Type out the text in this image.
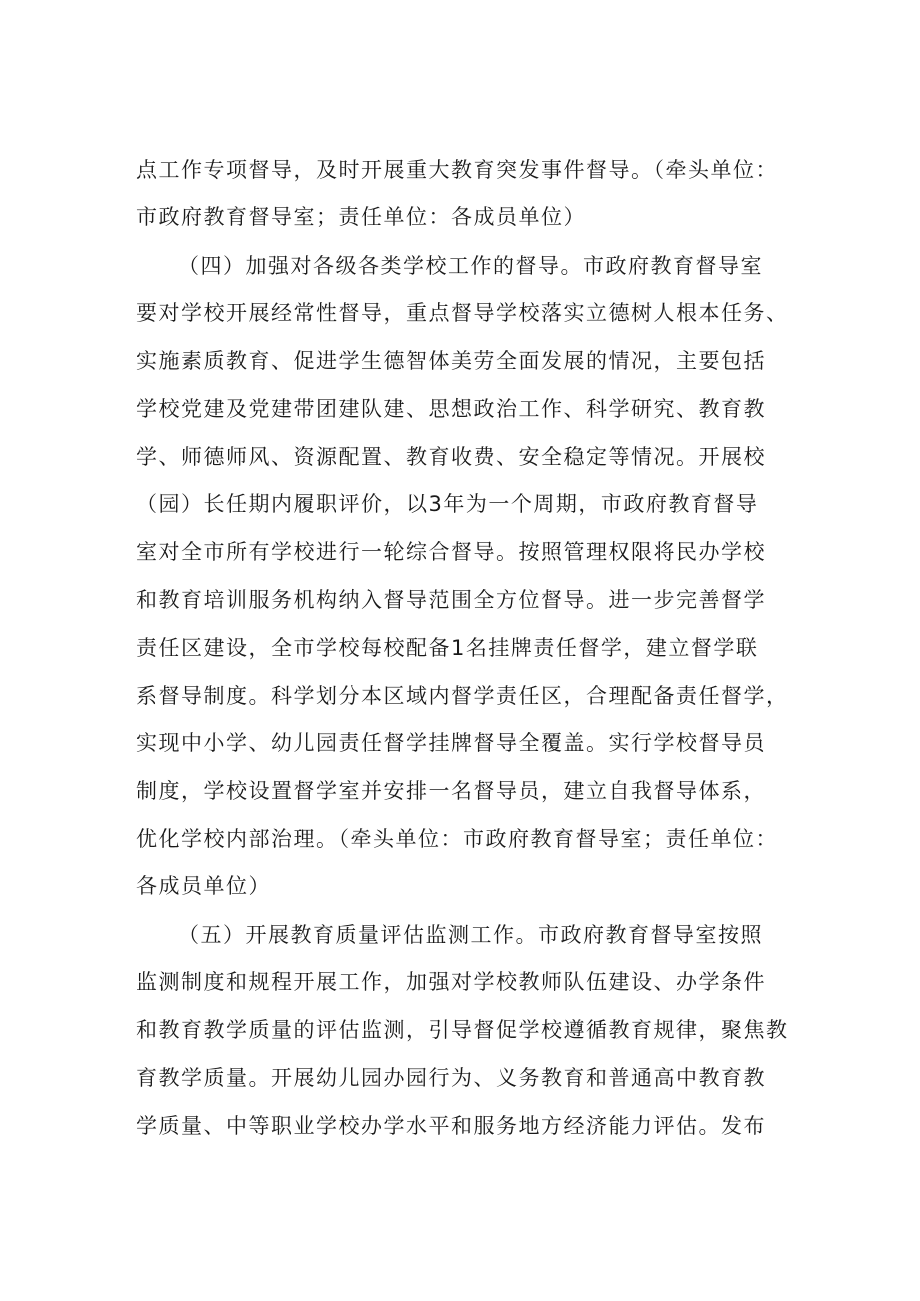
点工作专项督导，及时开展重大教育突发事件督导。（牵头单位：
市政府教育督导室；责任单位：各成员单位）
（四）加强对各级各类学校工作的督导。市政府教育督导室
要对学校开展经常性督导，重点督导学校落实立德树人根本任务、
实施素质教育、促进学生德智体美劳全面发展的情况，主要包括
学校党建及党建带团建队建、思想政治工作、科学研究、教育教
学、师德师风、资源配置、教育收费、安全稳定等情况。开展校
（园）长任期内履职评价，以3年为一个周期，市政府教育督导
室对全市所有学校进行一轮综合督导。按照管理权限将民办学校
和教育培训服务机构纳入督导范围全方位督导。进一步完善督学
责任区建设，全市学校每校配备1名挂牌责任督学，建立督学联
系督导制度。科学划分本区域内督学责任区，合理配备责任督学，
实现中小学、幼儿园责任督学挂牌督导全覆盖。实行学校督导员
制度，学校设置督学室并安排一名督导员，建立自我督导体系，
优化学校内部治理。（牵头单位：市政府教育督导室；责任单位：
各成员单位）
（五）开展教育质量评估监测工作。市政府教育督导室按照
监测制度和规程开展工作，加强对学校教师队伍建设、办学条件
和教育教学质量的评估监测，引导督促学校遵循教育规律，聚焦教
育教学质量。开展幼儿园办园行为、义务教育和普通高中教育教
学质量、中等职业学校办学水平和服务地方经济能力评估。发布
